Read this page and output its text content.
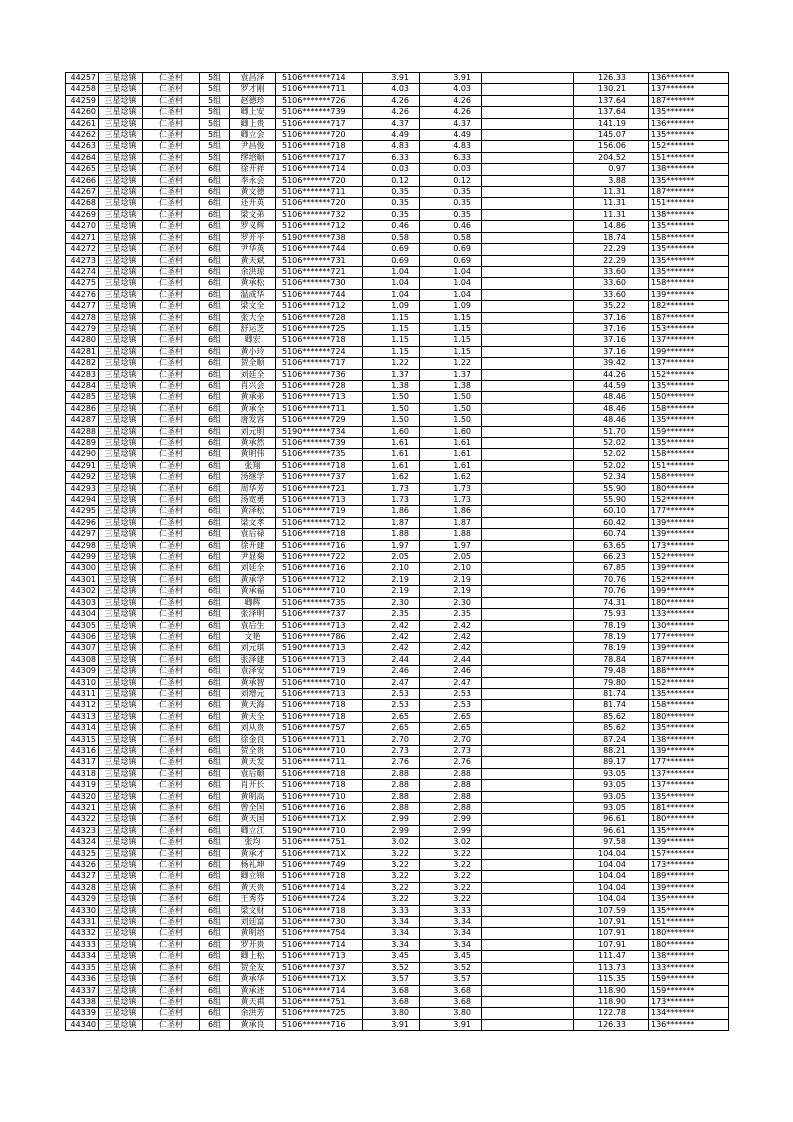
44257	三星埝镇	仁圣村	5组	袁昌泽	5106*******714	3.91	3.91		126.33	136*******
44258	三星埝镇	仁圣村	5组	罗才刚	5106*******711	4.03	4.03		130.21	137*******
44259	三星埝镇	仁圣村	5组	赵德珍	5106*******726	4.26	4.26		137.64	187*******
44260	三星埝镇	仁圣村	5组	卿上安	5106*******739	4.26	4.26		137.64	135*******
44261	三星埝镇	仁圣村	5组	卿上贵	5106*******717	4.37	4.37		141.19	136*******
44262	三星埝镇	仁圣村	5组	卿立会	5106*******720	4.49	4.49		145.07	135*******
44263	三星埝镇	仁圣村	5组	尹昌俊	5106*******718	4.83	4.83		156.06	152*******
44264	三星埝镇	仁圣村	5组	缪培顺	5106*******717	6.33	6.33		204.52	151*******
44265	三星埝镇	仁圣村	6组	徐开祥	5106*******714	0.03	0.03		0.97	138*******
44266	三星埝镇	仁圣村	6组	李永会	5106*******720	0.12	0.12		3.88	135*******
44267	三星埝镇	仁圣村	6组	黄文德	5106*******711	0.35	0.35		11.31	187*******
44268	三星埝镇	仁圣村	6组	还开英	5106*******720	0.35	0.35		11.31	151*******
44269	三星埝镇	仁圣村	6组	梁文弟	5106*******732	0.35	0.35		11.31	138*******
44270	三星埝镇	仁圣村	6组	罗义辉	5106*******712	0.46	0.46		14.86	135*******
44271	三星埝镇	仁圣村	6组	罗开平	5190*******738	0.58	0.58		18.74	158*******
44272	三星埝镇	仁圣村	6组	尹华英	5106*******744	0.69	0.69		22.29	135*******
44273	三星埝镇	仁圣村	6组	黄天斌	5106*******731	0.69	0.69		22.29	135*******
44274	三星埝镇	仁圣村	6组	余洪琼	5106*******721	1.04	1.04		33.60	135*******
44275	三星埝镇	仁圣村	6组	黄承松	5106*******730	1.04	1.04		33.60	158*******
44276	三星埝镇	仁圣村	6组	温成华	5106*******744	1.04	1.04		33.60	139*******
44277	三星埝镇	仁圣村	6组	梁文全	5106*******712	1.09	1.09		35.22	182*******
44278	三星埝镇	仁圣村	6组	张大全	5106*******728	1.15	1.15		37.16	187*******
44279	三星埝镇	仁圣村	6组	舒运芝	5106*******725	1.15	1.15		37.16	153*******
44280	三星埝镇	仁圣村	6组	卿宏	5106*******718	1.15	1.15		37.16	137*******
44281	三星埝镇	仁圣村	6组	黄小玲	5106*******724	1.15	1.15		37.16	199*******
44282	三星埝镇	仁圣村	6组	贺全顺	5106*******717	1.22	1.22		39.42	137*******
44283	三星埝镇	仁圣村	6组	刘廷全	5106*******736	1.37	1.37		44.26	152*******
44284	三星埝镇	仁圣村	6组	肖兴会	5106*******728	1.38	1.38		44.59	135*******
44285	三星埝镇	仁圣村	6组	黄承弟	5106*******713	1.50	1.50		48.46	150*******
44286	三星埝镇	仁圣村	6组	黄承全	5106*******711	1.50	1.50		48.46	158*******
44287	三星埝镇	仁圣村	6组	唐发容	5106*******729	1.50	1.50		48.46	135*******
44288	三星埝镇	仁圣村	6组	刘元明	5190*******734	1.60	1.60		51.70	159*******
44289	三星埝镇	仁圣村	6组	黄承然	5106*******739	1.61	1.61		52.02	135*******
44290	三星埝镇	仁圣村	6组	黄明伟	5106*******735	1.61	1.61		52.02	158*******
44291	三星埝镇	仁圣村	6组	张翔	5106*******718	1.61	1.61		52.02	151*******
44292	三星埝镇	仁圣村	6组	汤继学	5106*******737	1.62	1.62		52.34	158*******
44293	三星埝镇	仁圣村	6组	周华芳	5106*******721	1.73	1.73		55.90	180*******
44294	三星埝镇	仁圣村	6组	汤宽勇	5106*******713	1.73	1.73		55.90	152*******
44295	三星埝镇	仁圣村	6组	黄泽松	5106*******719	1.86	1.86		60.10	177*******
44296	三星埝镇	仁圣村	6组	梁文孝	5106*******712	1.87	1.87		60.42	139*******
44297	三星埝镇	仁圣村	6组	袁后禄	5106*******718	1.88	1.88		60.74	139*******
44298	三星埝镇	仁圣村	6组	徐开建	5106*******716	1.97	1.97		63.65	173*******
44299	三星埝镇	仁圣村	6组	尹显菊	5106*******722	2.05	2.05		66.23	152*******
44300	三星埝镇	仁圣村	6组	刘廷全	5106*******716	2.10	2.10		67.85	139*******
44301	三星埝镇	仁圣村	6组	黄承学	5106*******712	2.19	2.19		70.76	152*******
44302	三星埝镇	仁圣村	6组	黄承福	5106*******710	2.19	2.19		70.76	199*******
44303	三星埝镇	仁圣村	6组	卿辉	5106*******735	2.30	2.30		74.31	180*******
44304	三星埝镇	仁圣村	6组	张泽明	5106*******737	2.35	2.35		75.93	133*******
44305	三星埝镇	仁圣村	6组	袁后生	5106*******713	2.42	2.42		78.19	130*******
44306	三星埝镇	仁圣村	6组	文艳	5106*******786	2.42	2.42		78.19	177*******
44307	三星埝镇	仁圣村	6组	刘元琪	5190*******713	2.42	2.42		78.19	139*******
44308	三星埝镇	仁圣村	6组	张泽建	5106*******713	2.44	2.44		78.84	187*******
44309	三星埝镇	仁圣村	6组	袁泽安	5106*******719	2.46	2.46		79.48	188*******
44310	三星埝镇	仁圣村	6组	黄承智	5106*******710	2.47	2.47		79.80	152*******
44311	三星埝镇	仁圣村	6组	刘增元	5106*******713	2.53	2.53		81.74	135*******
44312	三星埝镇	仁圣村	6组	黄天海	5106*******718	2.53	2.53		81.74	158*******
44313	三星埝镇	仁圣村	6组	黄天全	5106*******718	2.65	2.65		85.62	180*******
44314	三星埝镇	仁圣村	6组	刘从贵	5106*******757	2.65	2.65		85.62	135*******
44315	三星埝镇	仁圣村	6组	徐金良	5106*******711	2.70	2.70		87.24	138*******
44316	三星埝镇	仁圣村	6组	贺全贵	5106*******710	2.73	2.73		88.21	139*******
44317	三星埝镇	仁圣村	6组	黄天发	5106*******711	2.76	2.76		89.17	177*******
44318	三星埝镇	仁圣村	6组	袁后顺	5106*******718	2.88	2.88		93.05	137*******
44319	三星埝镇	仁圣村	6组	肖开长	5106*******718	2.88	2.88		93.05	137*******
44320	三星埝镇	仁圣村	6组	黄明高	5106*******710	2.88	2.88		93.05	135*******
44321	三星埝镇	仁圣村	6组	曾全国	5106*******716	2.88	2.88		93.05	181*******
44322	三星埝镇	仁圣村	6组	黄天国	5106*******71X	2.99	2.99		96.61	180*******
44323	三星埝镇	仁圣村	6组	卿立江	5190*******710	2.99	2.99		96.61	135*******
44324	三星埝镇	仁圣村	6组	张均	5106*******751	3.02	3.02		97.58	139*******
44325	三星埝镇	仁圣村	6组	黄承才	5106*******71X	3.22	3.22		104.04	157*******
44326	三星埝镇	仁圣村	6组	杨礼坤	5106*******749	3.22	3.22		104.04	173*******
44327	三星埝镇	仁圣村	6组	卿立锦	5106*******718	3.22	3.22		104.04	189*******
44328	三星埝镇	仁圣村	6组	黄天贵	5106*******714	3.22	3.22		104.04	139*******
44329	三星埝镇	仁圣村	6组	王秀芬	5106*******724	3.22	3.22		104.04	135*******
44330	三星埝镇	仁圣村	6组	梁文财	5106*******718	3.33	3.33		107.59	135*******
44331	三星埝镇	仁圣村	6组	刘廷富	5106*******730	3.34	3.34		107.91	151*******
44332	三星埝镇	仁圣村	6组	黄明培	5106*******754	3.34	3.34		107.91	180*******
44333	三星埝镇	仁圣村	6组	罗开贵	5106*******714	3.34	3.34		107.91	180*******
44334	三星埝镇	仁圣村	6组	卿上松	5106*******713	3.45	3.45		111.47	138*******
44335	三星埝镇	仁圣村	6组	贺全友	5106*******737	3.52	3.52		113.73	133*******
44336	三星埝镇	仁圣村	6组	黄承华	5106*******71X	3.57	3.57		115.35	159*******
44337	三星埝镇	仁圣村	6组	黄承述	5106*******714	3.68	3.68		118.90	159*******
44338	三星埝镇	仁圣村	6组	黄天祺	5106*******751	3.68	3.68		118.90	173*******
44339	三星埝镇	仁圣村	6组	余洪芳	5106*******725	3.80	3.80		122.78	134*******
44340	三星埝镇	仁圣村	6组	黄承良	5106*******716	3.91	3.91		126.33	136*******
